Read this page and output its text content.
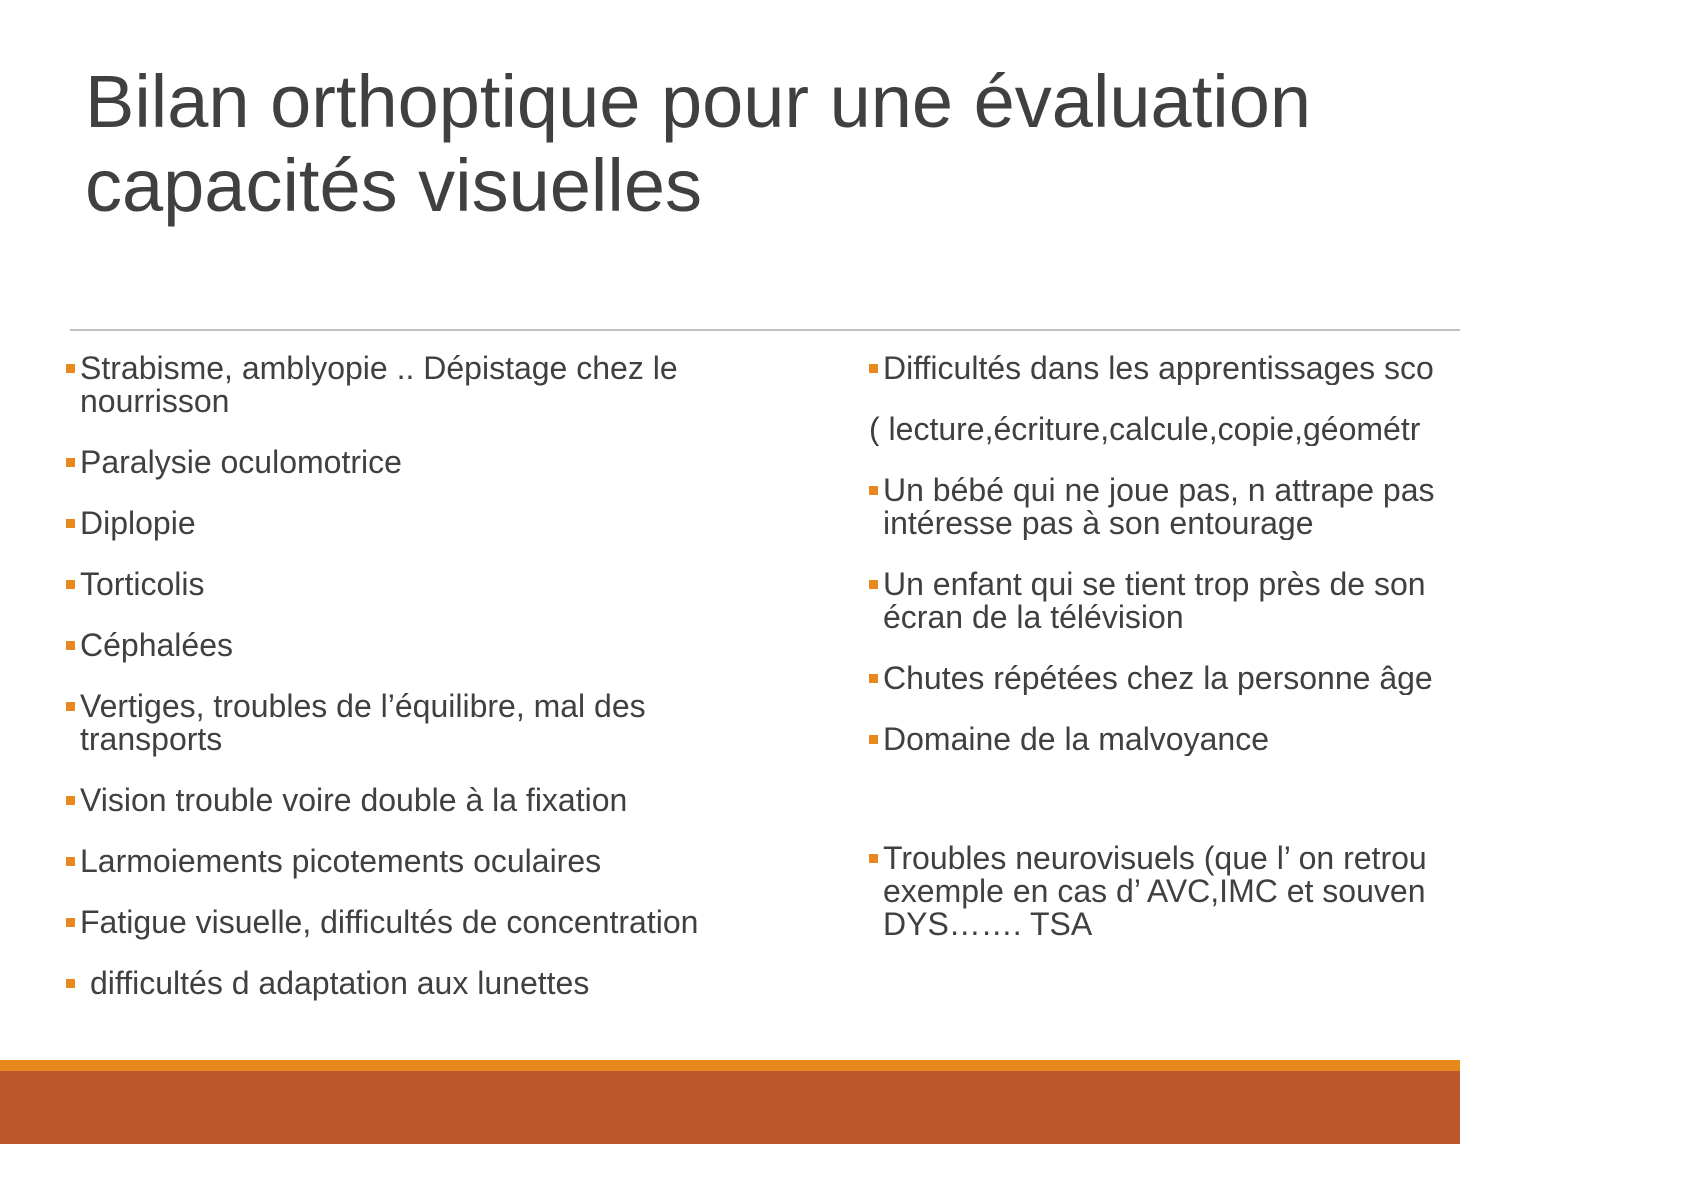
Bilan orthoptique pour une évaluation
capacités visuelles
Strabisme, amblyopie .. Dépistage chez le
nourrisson
Paralysie oculomotrice
Diplopie
Torticolis
Céphalées
Vertiges, troubles de l’équilibre, mal des
transports
Vision trouble voire double à la fixation
Larmoiements picotements oculaires
Fatigue visuelle, difficultés de concentration
difficultés d adaptation aux lunettes
Difficultés dans les apprentissages sco
( lecture,écriture,calcule,copie,géométr
Un bébé qui ne joue pas, n attrape pas
intéresse pas à son entourage
Un enfant qui se tient trop près de son
écran de la télévision
Chutes répétées chez la personne âge
Domaine de la malvoyance
Troubles neurovisuels (que l’ on retrou
exemple en cas d’ AVC,IMC et souven
DYS……. TSA
